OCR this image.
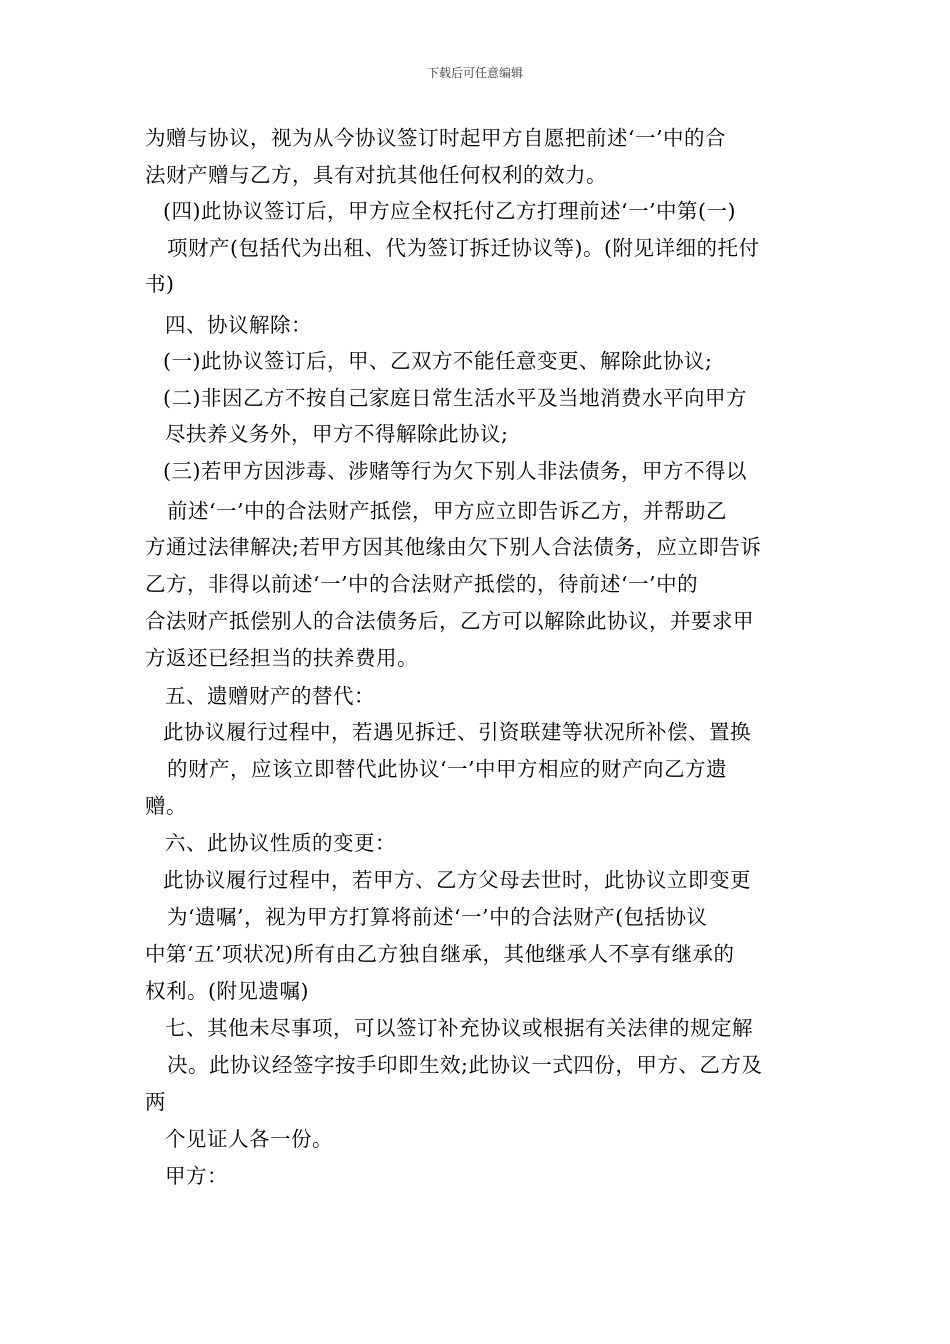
下载后可任意编辑
为赠与协议，视为从今协议签订时起甲方自愿把前述‘一’中的合
法财产赠与乙方，具有对抗其他任何权利的效力。
(四)此协议签订后，甲方应全权托付乙方打理前述‘一’中第(一)
项财产(包括代为出租、代为签订拆迁协议等)。(附见详细的托付
书)
四、协议解除：
(一)此协议签订后，甲、乙双方不能任意变更、解除此协议;
(二)非因乙方不按自己家庭日常生活水平及当地消费水平向甲方
尽扶养义务外，甲方不得解除此协议;
(三)若甲方因涉毒、涉赌等行为欠下别人非法债务，甲方不得以
前述‘一’中的合法财产抵偿，甲方应立即告诉乙方，并帮助乙
方通过法律解决;若甲方因其他缘由欠下别人合法债务，应立即告诉
乙方，非得以前述‘一’中的合法财产抵偿的，待前述‘一’中的
合法财产抵偿别人的合法债务后，乙方可以解除此协议，并要求甲
方返还已经担当的扶养费用。
五、遗赠财产的替代：
此协议履行过程中，若遇见拆迁、引资联建等状况所补偿、置换
的财产，应该立即替代此协议‘一’中甲方相应的财产向乙方遗
赠。
六、此协议性质的变更：
此协议履行过程中，若甲方、乙方父母去世时，此协议立即变更
为‘遗嘱’，视为甲方打算将前述‘一’中的合法财产(包括协议
中第‘五’项状况)所有由乙方独自继承，其他继承人不享有继承的
权利。(附见遗嘱)
七、其他未尽事项，可以签订补充协议或根据有关法律的规定解
决。此协议经签字按手印即生效;此协议一式四份，甲方、乙方及
两
个见证人各一份。
甲方：
